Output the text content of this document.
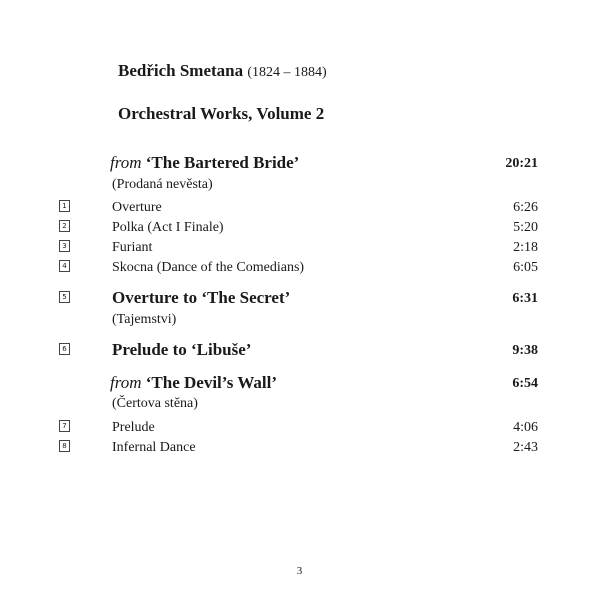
Bedřich Smetana (1824 – 1884)
Orchestral Works, Volume 2
from ‘The Bartered Bride’	20:21
(Prodaná nevěsta)
1	Overture	6:26
2	Polka (Act I Finale)	5:20
3	Furiant	2:18
4	Skocna (Dance of the Comedians)	6:05
5	Overture to ‘The Secret’	6:31
(Tajemstvi)
6	Prelude to ‘Libuše’	9:38
from ‘The Devil’s Wall’	6:54
(Čertova stěna)
7	Prelude	4:06
8	Infernal Dance	2:43
3
